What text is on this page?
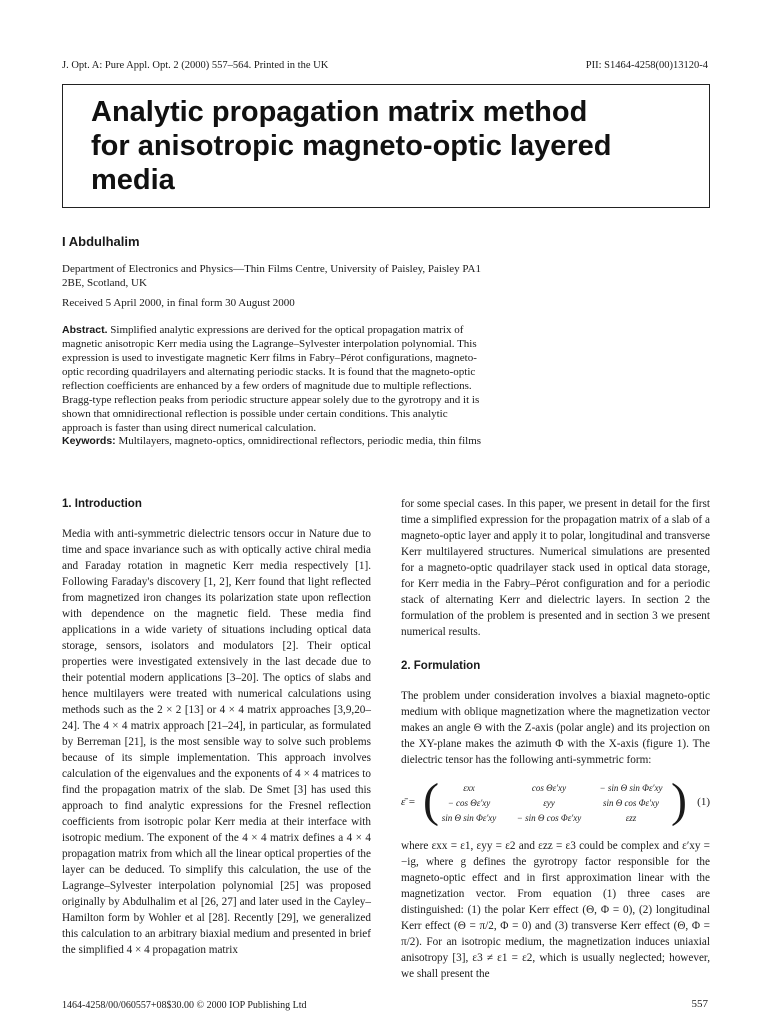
J. Opt. A: Pure Appl. Opt. 2 (2000) 557–564. Printed in the UK	PII: S1464-4258(00)13120-4
Analytic propagation matrix method
for anisotropic magneto-optic layered
media
I Abdulhalim
Department of Electronics and Physics—Thin Films Centre, University of Paisley, Paisley PA1 2BE, Scotland, UK
Received 5 April 2000, in final form 30 August 2000
Abstract. Simplified analytic expressions are derived for the optical propagation matrix of magnetic anisotropic Kerr media using the Lagrange–Sylvester interpolation polynomial. This expression is used to investigate magnetic Kerr films in Fabry–Pérot configurations, magneto-optic recording quadrilayers and alternating periodic stacks. It is found that the magneto-optic reflection coefficients are enhanced by a few orders of magnitude due to multiple reflections. Bragg-type reflection peaks from periodic structure appear solely due to the gyrotropy and it is shown that omnidirectional reflection is possible under certain conditions. This analytic approach is faster than using direct numerical calculation.
Keywords: Multilayers, magneto-optics, omnidirectional reflectors, periodic media, thin films
1. Introduction
Media with anti-symmetric dielectric tensors occur in Nature due to time and space invariance such as with optically active chiral media and Faraday rotation in magnetic Kerr media respectively [1]. Following Faraday's discovery [1, 2], Kerr found that light reflected from magnetized iron changes its polarization state upon reflection with dependence on the magnetic field. These media find applications in a wide variety of situations including optical data storage, sensors, isolators and modulators [2]. Their optical properties were investigated extensively in the last decade due to their potential modern applications [3–20]. The optics of slabs and hence multilayers were treated with numerical calculations using methods such as the 2 × 2 [13] or 4 × 4 matrix approaches [3,9,20–24]. The 4 × 4 matrix approach [21–24], in particular, as formulated by Berreman [21], is the most sensible way to solve such problems because of its simple implementation. This approach involves calculation of the eigenvalues and the exponents of 4 × 4 matrices to find the propagation matrix of the slab. De Smet [3] has used this approach to find analytic expressions for the Fresnel reflection coefficients from isotropic polar Kerr media at their interface with isotropic medium. The exponent of the 4 × 4 matrix defines a 4 × 4 propagation matrix from which all the linear optical properties of the layer can be deduced. To simplify this calculation, the use of the Lagrange–Sylvester interpolation polynomial [25] was proposed originally by Abdulhalim et al [26, 27] and later used in the Cayley–Hamilton form by Wohler et al [28]. Recently [29], we generalized this calculation to an arbitrary biaxial medium and presented in brief the simplified 4 × 4 propagation matrix
for some special cases. In this paper, we present in detail for the first time a simplified expression for the propagation matrix of a slab of a magneto-optic layer and apply it to polar, longitudinal and transverse Kerr multilayered structures. Numerical simulations are presented for a magneto-optic quadrilayer stack used in optical data storage, for Kerr media in the Fabry–Pérot configuration and for a periodic stack of alternating Kerr and dielectric layers. In section 2 the formulation of the problem is presented and in section 3 we present numerical results.
2. Formulation
The problem under consideration involves a biaxial magneto-optic medium with oblique magnetization where the magnetization vector makes an angle Θ with the Z-axis (polar angle) and its projection on the XY-plane makes the azimuth Φ with the X-axis (figure 1). The dielectric tensor has the following anti-symmetric form:
ε̄ = (	εxx	cos Θε′xy	− sin Θ sin Φε′xy
− cos Θε′xy	εyy	sin Θ cos Φε′xy
sin Θ sin Φε′xy	− sin Θ cos Φε′xy	εzz ) (1)
where εxx = ε1, εyy = ε2 and εzz = ε3 could be complex and ε′xy = −ig, where g defines the gyrotropy factor responsible for the magneto-optic effect and in first approximation linear with the magnetization vector. From equation (1) three cases are distinguished: (1) the polar Kerr effect (Θ, Φ = 0), (2) longitudinal Kerr effect (Θ = π/2, Φ = 0) and (3) transverse Kerr effect (Θ, Φ = π/2). For an isotropic medium, the magnetization induces uniaxial anisotropy [3], ε3 ≠ ε1 = ε2, which is usually neglected; however, we shall present the
1464-4258/00/060557+08$30.00 © 2000 IOP Publishing Ltd	557
